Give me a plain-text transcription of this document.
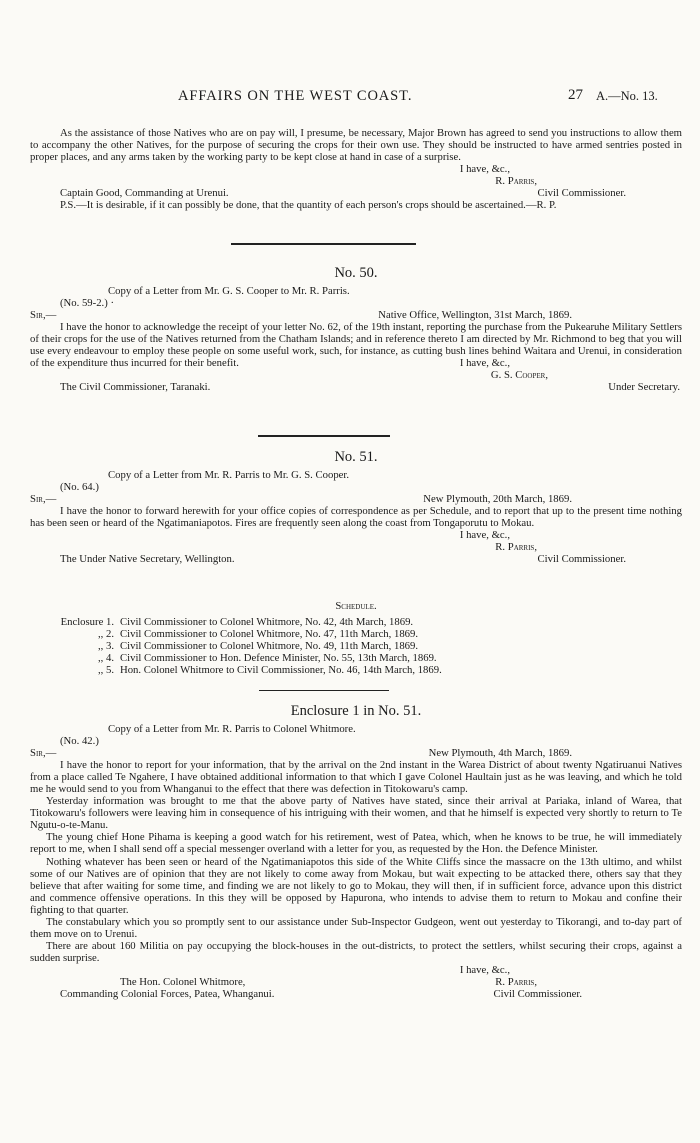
AFFAIRS ON THE WEST COAST.	27 A.—No. 13.

As the assistance of those Natives who are on pay will, I presume, be necessary, Major Brown has agreed to send you instructions to allow them to accompany the other Natives, for the purpose of securing the crops for their own use. They should be instructed to have armed sentries posted in proper places, and any arms taken by the working party to be kept close at hand in case of a surprise.

I have, &c.,

R. Parris,

Captain Good, Commanding at Urenui.	Civil Commissioner.

P.S.—It is desirable, if it can possibly be done, that the quantity of each person's crops should be ascertained.—R. P.

No. 50.

Copy of a Letter from Mr. G. S. Cooper to Mr. R. Parris.

(No. 59-2.) ·

Sir,—	Native Office, Wellington, 31st March, 1869.

I have the honor to acknowledge the receipt of your letter No. 62, of the 19th instant, reporting the purchase from the Pukearuhe Military Settlers of their crops for the use of the Natives returned from the Chatham Islands; and in reference thereto I am directed by Mr. Richmond to beg that you will use every endeavour to employ these people on some useful work, such, for instance, as cutting bush lines behind Waitara and Urenui, in consideration of the expenditure thus incurred for their benefit.	I have, &c.,

G. S. Cooper,

The Civil Commissioner, Taranaki.	Under Secretary.

No. 51.

Copy of a Letter from Mr. R. Parris to Mr. G. S. Cooper.

(No. 64.)

Sir,—	New Plymouth, 20th March, 1869.

I have the honor to forward herewith for your office copies of correspondence as per Schedule, and to report that up to the present time nothing has been seen or heard of the Ngatimaniapotos. Fires are frequently seen along the coast from Tongaporutu to Mokau.

I have, &c.,

R. Parris,

The Under Native Secretary, Wellington.	Civil Commissioner.

Schedule.

Enclosure 1. Civil Commissioner to Colonel Whitmore, No. 42, 4th March, 1869.
,, 2. Civil Commissioner to Colonel Whitmore, No. 47, 11th March, 1869.
,, 3. Civil Commissioner to Colonel Whitmore, No. 49, 11th March, 1869.
,, 4. Civil Commissioner to Hon. Defence Minister, No. 55, 13th March, 1869.
,, 5. Hon. Colonel Whitmore to Civil Commissioner, No. 46, 14th March, 1869.

Enclosure 1 in No. 51.

Copy of a Letter from Mr. R. Parris to Colonel Whitmore.

(No. 42.)

Sir,—	New Plymouth, 4th March, 1869.

I have the honor to report for your information, that by the arrival on the 2nd instant in the Warea District of about twenty Ngatiruanui Natives from a place called Te Ngahere, I have obtained additional information to that which I gave Colonel Haultain just as he was leaving, and which he told me he would send to you from Whanganui to the effect that there was defection in Titokowaru's camp.

Yesterday information was brought to me that the above party of Natives have stated, since their arrival at Pariaka, inland of Warea, that Titokowaru's followers were leaving him in consequence of his intriguing with their women, and that he himself is expected very shortly to return to Te Ngutu-o-te-Manu.

The young chief Hone Pihama is keeping a good watch for his retirement, west of Patea, which, when he knows to be true, he will immediately report to me, when I shall send off a special messenger overland with a letter for you, as requested by the Hon. the Defence Minister.

Nothing whatever has been seen or heard of the Ngatimaniapotos this side of the White Cliffs since the massacre on the 13th ultimo, and whilst some of our Natives are of opinion that they are not likely to come away from Mokau, but wait expecting to be attacked there, others say that they believe that after waiting for some time, and finding we are not likely to go to Mokau, they will then, if in sufficient force, advance upon this district and commence offensive operations. In this they will be opposed by Hapurona, who intends to advise them to return to Mokau and confine their fighting to that quarter.

The constabulary which you so promptly sent to our assistance under Sub-Inspector Gudgeon, went out yesterday to Tikorangi, and to-day part of them move on to Urenui.

There are about 160 Militia on pay occupying the block-houses in the out-districts, to protect the settlers, whilst securing their crops, against a sudden surprise.

I have, &c.,

The Hon. Colonel Whitmore,	R. Parris,
Commanding Colonial Forces, Patea, Whanganui.	Civil Commissioner.
